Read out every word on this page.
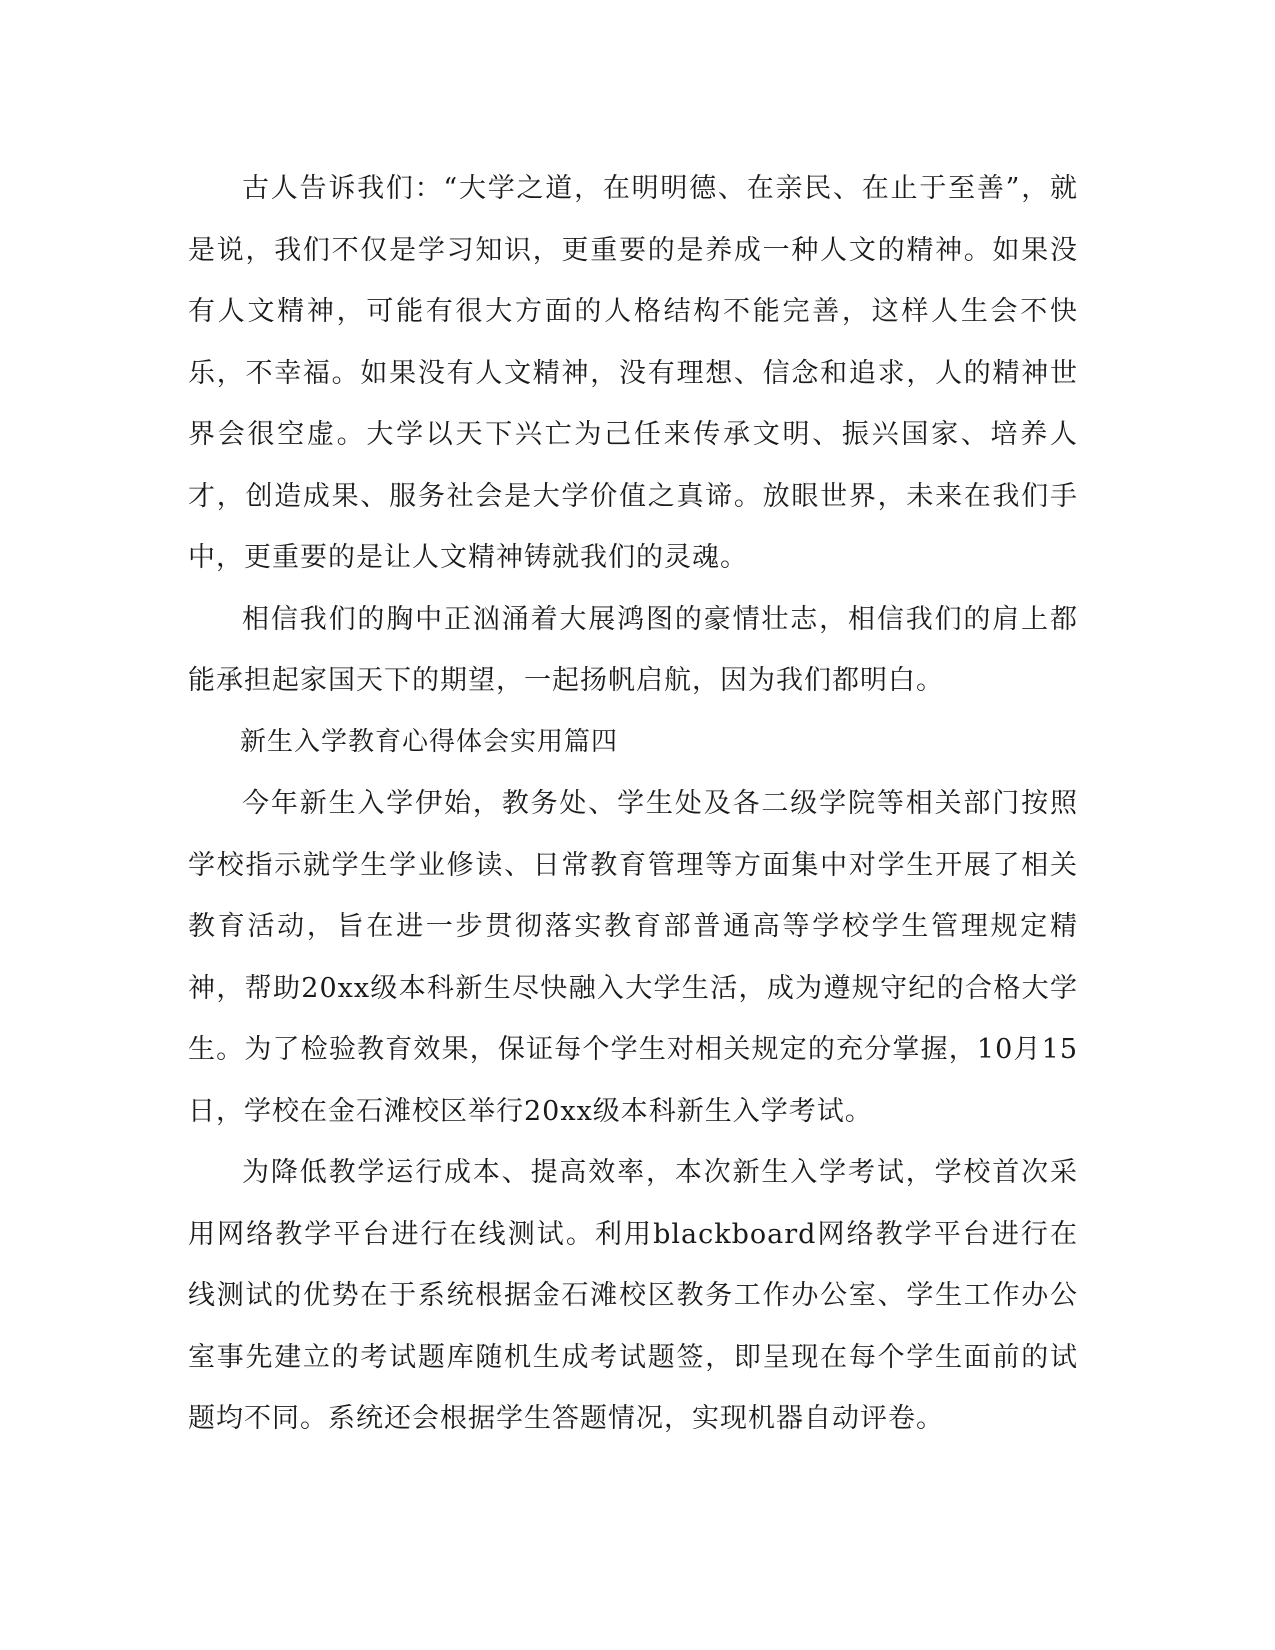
古人告诉我们：“大学之道，在明明德、在亲民、在止于至善”，就是说，我们不仅是学习知识，更重要的是养成一种人文的精神。如果没有人文精神，可能有很大方面的人格结构不能完善，这样人生会不快乐，不幸福。如果没有人文精神，没有理想、信念和追求，人的精神世界会很空虚。大学以天下兴亡为己任来传承文明、振兴国家、培养人才，创造成果、服务社会是大学价值之真谛。放眼世界，未来在我们手中，更重要的是让人文精神铸就我们的灵魂。

相信我们的胸中正汹涌着大展鸿图的豪情壮志，相信我们的肩上都能承担起家国天下的期望，一起扬帆启航，因为我们都明白。

新生入学教育心得体会实用篇四

今年新生入学伊始，教务处、学生处及各二级学院等相关部门按照学校指示就学生学业修读、日常教育管理等方面集中对学生开展了相关教育活动，旨在进一步贯彻落实教育部普通高等学校学生管理规定精神，帮助20xx级本科新生尽快融入大学生活，成为遵规守纪的合格大学生。为了检验教育效果，保证每个学生对相关规定的充分掌握，10月15日，学校在金石滩校区举行20xx级本科新生入学考试。

为降低教学运行成本、提高效率，本次新生入学考试，学校首次采用网络教学平台进行在线测试。利用blackboard网络教学平台进行在线测试的优势在于系统根据金石滩校区教务工作办公室、学生工作办公室事先建立的考试题库随机生成考试题签，即呈现在每个学生面前的试题均不同。系统还会根据学生答题情况，实现机器自动评卷。
